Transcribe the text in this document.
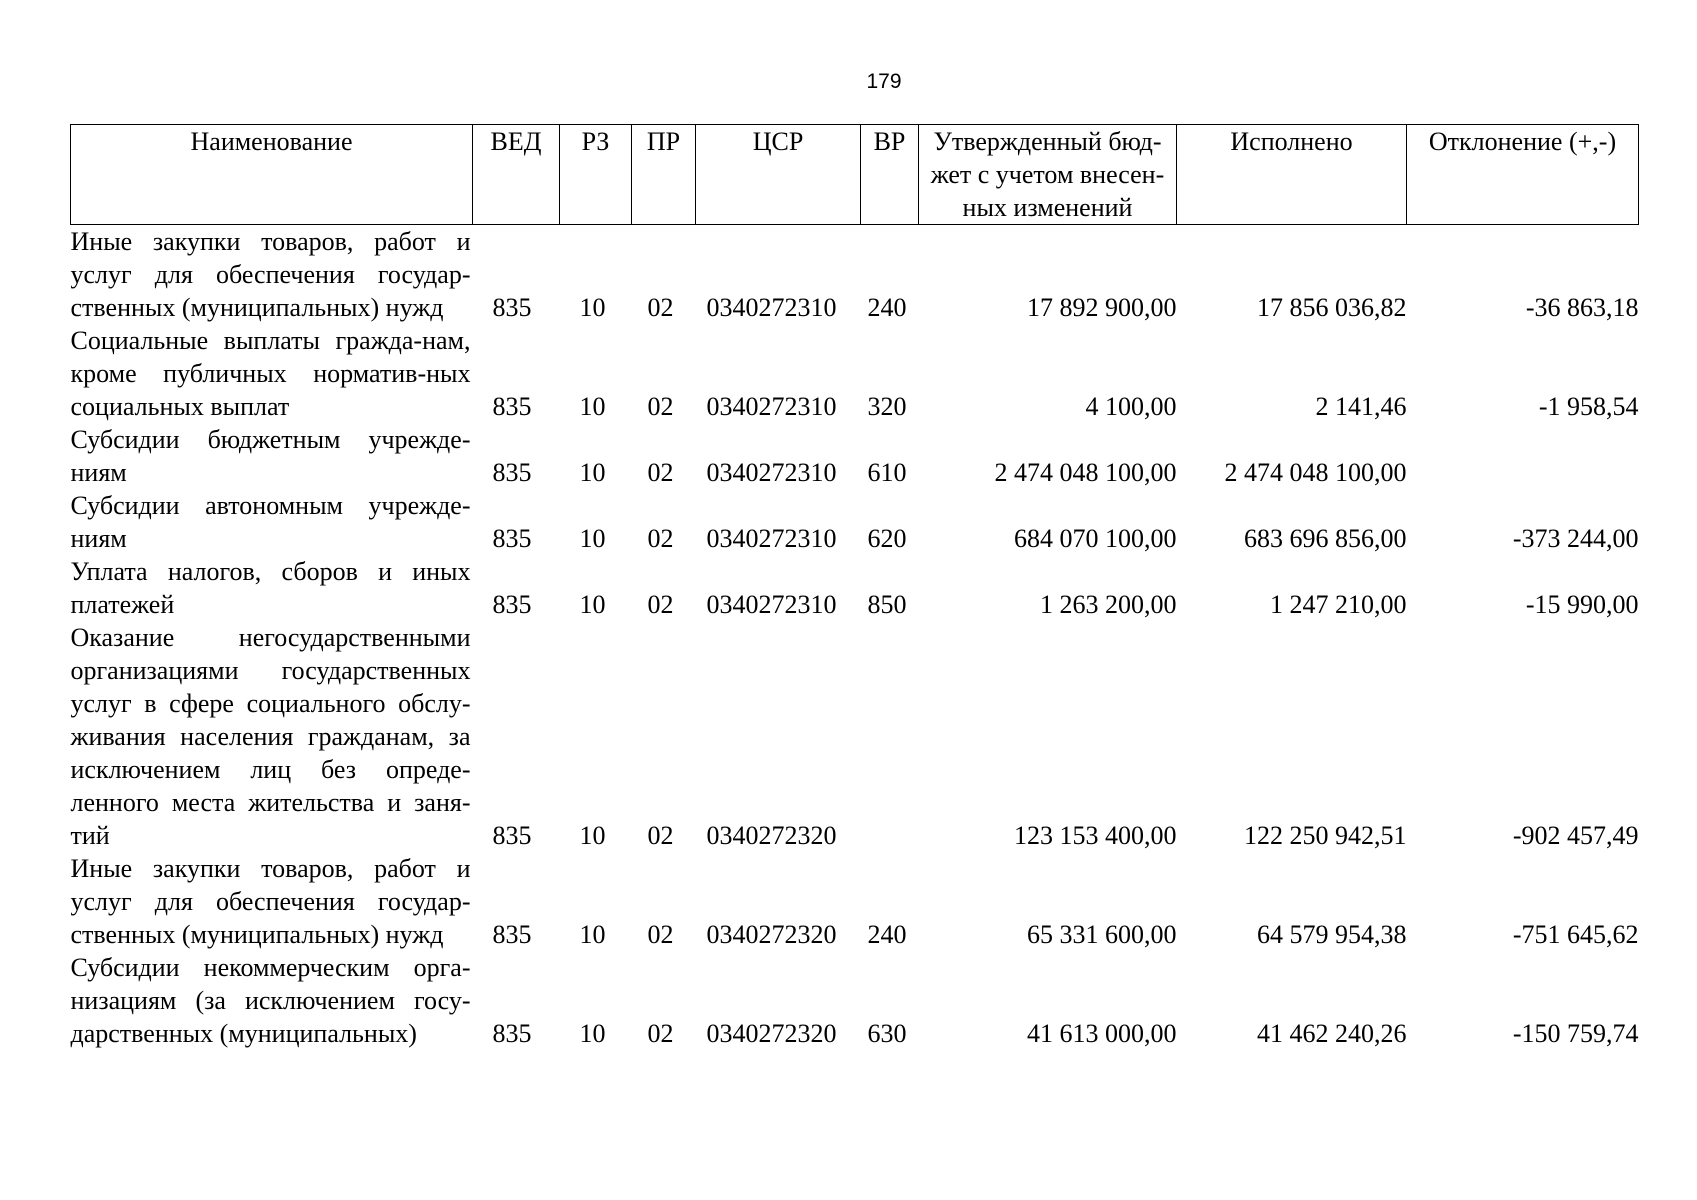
179
Наименование	ВЕД	РЗ	ПР	ЦСР	ВР	Утвержденный бюд-жет с учетом внесен-ных изменений	Исполнено	Отклонение (+,-)
Иные закупки товаров, работ и услуг для обеспечения государ-ственных (муниципальных) нужд	835	10	02	0340272310	240	17 892 900,00	17 856 036,82	-36 863,18
Социальные выплаты гражда-нам, кроме публичных норматив-ных социальных выплат	835	10	02	0340272310	320	4 100,00	2 141,46	-1 958,54
Субсидии бюджетным учрежде-ниям	835	10	02	0340272310	610	2 474 048 100,00	2 474 048 100,00	
Субсидии автономным учрежде-ниям	835	10	02	0340272310	620	684 070 100,00	683 696 856,00	-373 244,00
Уплата налогов, сборов и иных платежей	835	10	02	0340272310	850	1 263 200,00	1 247 210,00	-15 990,00
Оказание негосударственными организациями государственных услуг в сфере социального обслу-живания населения гражданам, за исключением лиц без опреде-ленного места жительства и заня-тий	835	10	02	0340272320		123 153 400,00	122 250 942,51	-902 457,49
Иные закупки товаров, работ и услуг для обеспечения государ-ственных (муниципальных) нужд	835	10	02	0340272320	240	65 331 600,00	64 579 954,38	-751 645,62
Субсидии некоммерческим орга-низациям (за исключением госу-дарственных (муниципальных)	835	10	02	0340272320	630	41 613 000,00	41 462 240,26	-150 759,74
